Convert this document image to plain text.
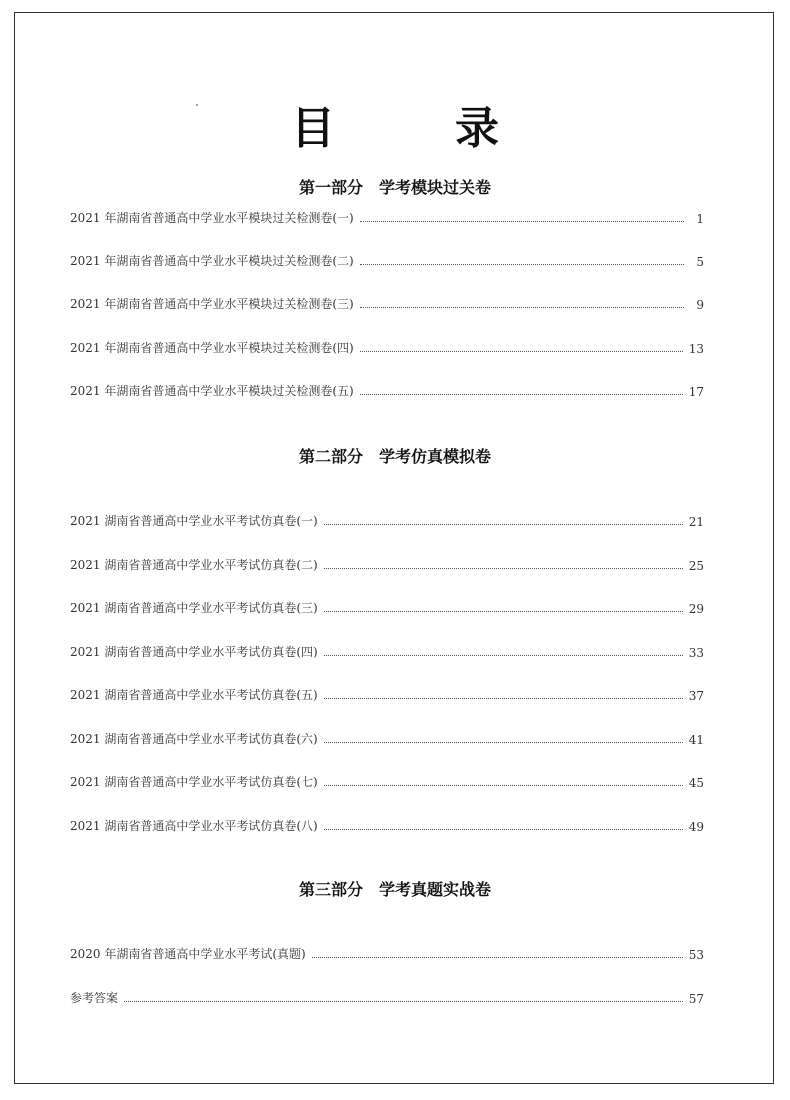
目　录
第一部分　学考模块过关卷
2021 年湖南省普通高中学业水平模块过关检测卷(一)	1
2021 年湖南省普通高中学业水平模块过关检测卷(二)	5
2021 年湖南省普通高中学业水平模块过关检测卷(三)	9
2021 年湖南省普通高中学业水平模块过关检测卷(四)	13
2021 年湖南省普通高中学业水平模块过关检测卷(五)	17
第二部分　学考仿真模拟卷
2021 湖南省普通高中学业水平考试仿真卷(一)	21
2021 湖南省普通高中学业水平考试仿真卷(二)	25
2021 湖南省普通高中学业水平考试仿真卷(三)	29
2021 湖南省普通高中学业水平考试仿真卷(四)	33
2021 湖南省普通高中学业水平考试仿真卷(五)	37
2021 湖南省普通高中学业水平考试仿真卷(六)	41
2021 湖南省普通高中学业水平考试仿真卷(七)	45
2021 湖南省普通高中学业水平考试仿真卷(八)	49
第三部分　学考真题实战卷
2020 年湖南省普通高中学业水平考试(真题)	53
参考答案	57
